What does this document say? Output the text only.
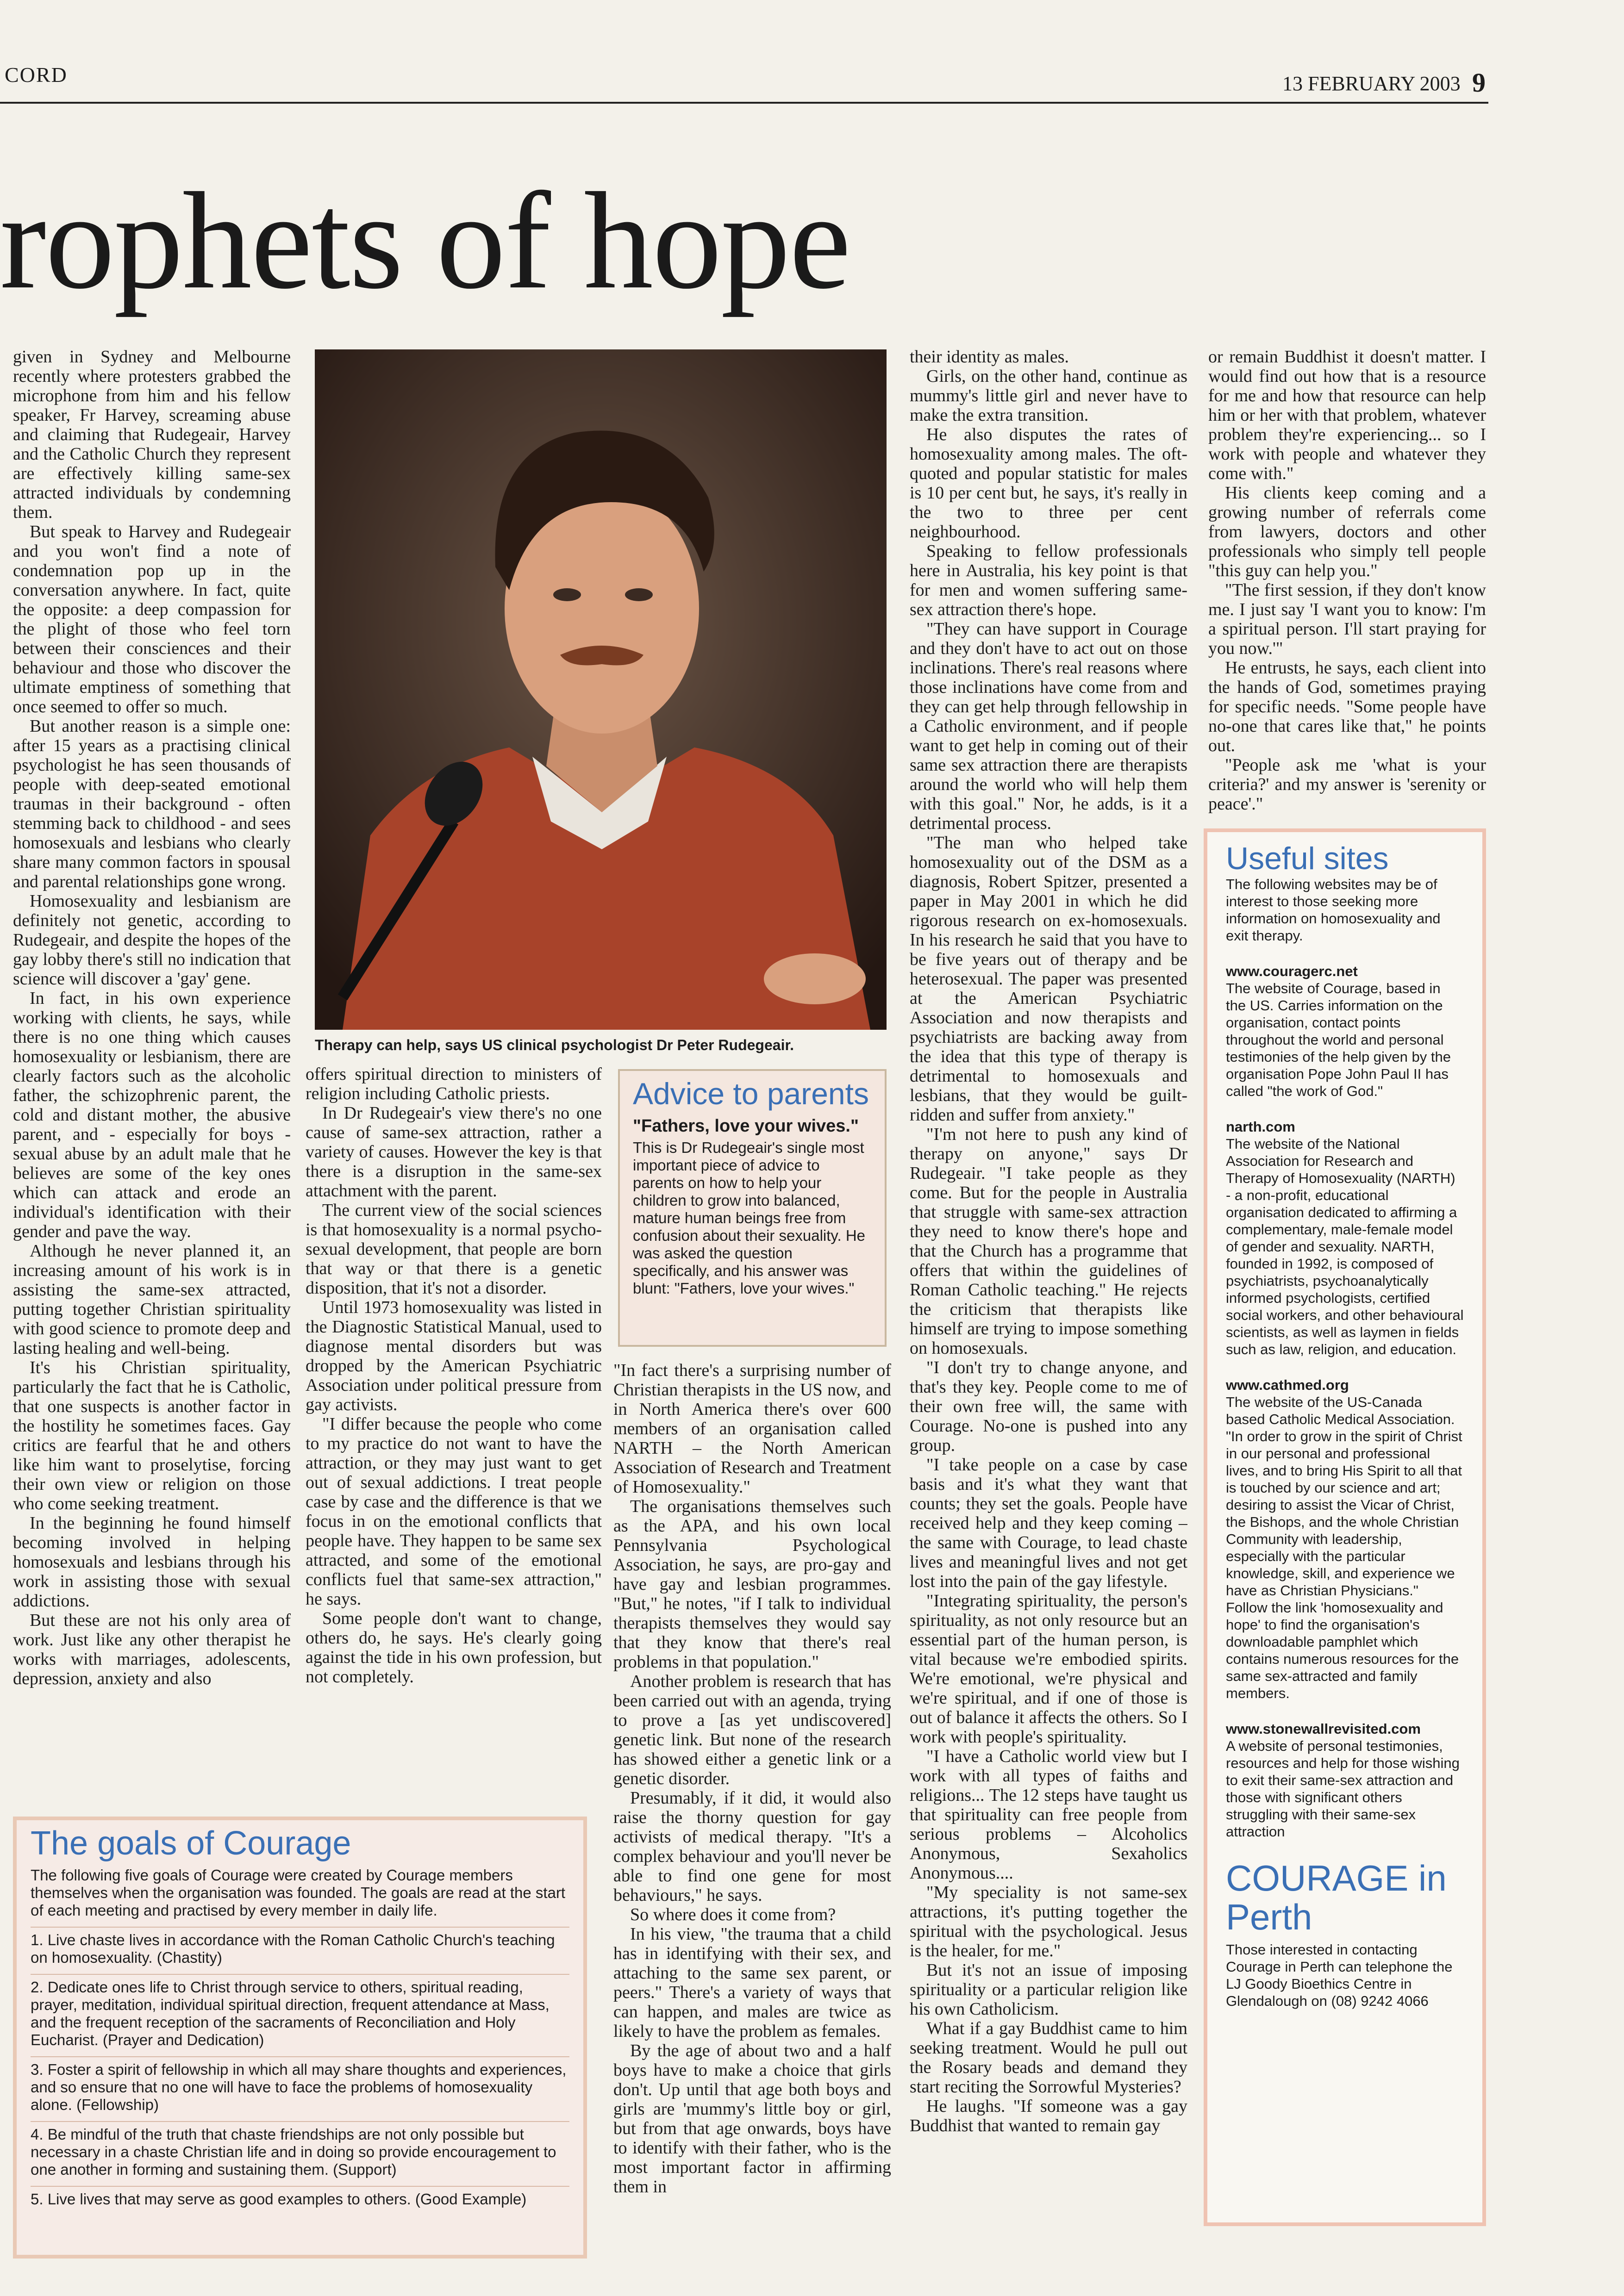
CORD	13 FEBRUARY 2003 9
rophets of hope

given in Sydney and Melbourne recently where protesters grabbed the microphone from him and his fellow speaker, Fr Harvey, screaming abuse and claiming that Rudegeair, Harvey and the Catholic Church they represent are effectively killing same-sex attracted individuals by condemning them.

But speak to Harvey and Rudegeair and you won't find a note of condemnation pop up in the conversation anywhere. In fact, quite the opposite: a deep compassion for the plight of those who feel torn between their consciences and their behaviour and those who discover the ultimate emptiness of something that once seemed to offer so much.

But another reason is a simple one: after 15 years as a practising clinical psychologist he has seen thousands of people with deep-seated emotional traumas in their background - often stemming back to childhood - and sees homosexuals and lesbians who clearly share many common factors in spousal and parental relationships gone wrong.

Homosexuality and lesbianism are definitely not genetic, according to Rudegeair, and despite the hopes of the gay lobby there's still no indication that science will discover a 'gay' gene.

In fact, in his own experience working with clients, he says, while there is no one thing which causes homosexuality or lesbianism, there are clearly factors such as the alcoholic father, the schizophrenic parent, the cold and distant mother, the abusive parent, and - especially for boys - sexual abuse by an adult male that he believes are some of the key ones which can attack and erode an individual's identification with their gender and pave the way.

Although he never planned it, an increasing amount of his work is in assisting the same-sex attracted, putting together Christian spirituality with good science to promote deep and lasting healing and well-being.

It's his Christian spirituality, particularly the fact that he is Catholic, that one suspects is another factor in the hostility he sometimes faces. Gay critics are fearful that he and others like him want to proselytise, forcing their own view or religion on those who come seeking treatment.

In the beginning he found himself becoming involved in helping homosexuals and lesbians through his work in assisting those with sexual addictions.

But these are not his only area of work. Just like any other therapist he works with marriages, adolescents, depression, anxiety and also

Therapy can help, says US clinical psychologist Dr Peter Rudegeair.

offers spiritual direction to ministers of religion including Catholic priests.

In Dr Rudegeair's view there's no one cause of same-sex attraction, rather a variety of causes. However the key is that there is a disruption in the same-sex attachment with the parent.

The current view of the social sciences is that homosexuality is a normal psycho-sexual development, that people are born that way or that there is a genetic disposition, that it's not a disorder.

Until 1973 homosexuality was listed in the Diagnostic Statistical Manual, used to diagnose mental disorders but was dropped by the American Psychiatric Association under political pressure from gay activists.

"I differ because the people who come to my practice do not want to have the attraction, or they may just want to get out of sexual addictions. I treat people case by case and the difference is that we focus in on the emotional conflicts that people have. They happen to be same sex attracted, and some of the emotional conflicts fuel that same-sex attraction," he says.

Some people don't want to change, others do, he says. He's clearly going against the tide in his own profession, but not completely.

Advice to parents
"Fathers, love your wives."
This is Dr Rudegeair's single most important piece of advice to parents on how to help your children to grow into balanced, mature human beings free from confusion about their sexuality. He was asked the question specifically, and his answer was blunt: "Fathers, love your wives."

"In fact there's a surprising number of Christian therapists in the US now, and in North America there's over 600 members of an organisation called NARTH – the North American Association of Research and Treatment of Homosexuality."

The organisations themselves such as the APA, and his own local Pennsylvania Psychological Association, he says, are pro-gay and have gay and lesbian programmes. "But," he notes, "if I talk to individual therapists themselves they would say that they know that there's real problems in that population."

Another problem is research that has been carried out with an agenda, trying to prove a [as yet undiscovered] genetic link. But none of the research has showed either a genetic link or a genetic disorder.

Presumably, if it did, it would also raise the thorny question for gay activists of medical therapy. "It's a complex behaviour and you'll never be able to find one gene for most behaviours," he says.

So where does it come from?

In his view, "the trauma that a child has in identifying with their sex, and attaching to the same sex parent, or peers." There's a variety of ways that can happen, and males are twice as likely to have the problem as females.

By the age of about two and a half boys have to make a choice that girls don't. Up until that age both boys and girls are 'mummy's little boy or girl, but from that age onwards, boys have to identify with their father, who is the most important factor in affirming them in

their identity as males.

Girls, on the other hand, continue as mummy's little girl and never have to make the extra transition.

He also disputes the rates of homosexuality among males. The oft-quoted and popular statistic for males is 10 per cent but, he says, it's really in the two to three per cent neighbourhood.

Speaking to fellow professionals here in Australia, his key point is that for men and women suffering same-sex attraction there's hope.

"They can have support in Courage and they don't have to act out on those inclinations. There's real reasons where those inclinations have come from and they can get help through fellowship in a Catholic environment, and if people want to get help in coming out of their same sex attraction there are therapists around the world who will help them with this goal." Nor, he adds, is it a detrimental process.

"The man who helped take homosexuality out of the DSM as a diagnosis, Robert Spitzer, presented a paper in May 2001 in which he did rigorous research on ex-homosexuals. In his research he said that you have to be five years out of therapy and be heterosexual. The paper was presented at the American Psychiatric Association and now therapists and psychiatrists are backing away from the idea that this type of therapy is detrimental to homosexuals and lesbians, that they would be guilt-ridden and suffer from anxiety."

"I'm not here to push any kind of therapy on anyone," says Dr Rudegeair. "I take people as they come. But for the people in Australia that struggle with same-sex attraction they need to know there's hope and that the Church has a programme that offers that within the guidelines of Roman Catholic teaching." He rejects the criticism that therapists like himself are trying to impose something on homosexuals.

"I don't try to change anyone, and that's they key. People come to me of their own free will, the same with Courage. No-one is pushed into any group.

"I take people on a case by case basis and it's what they want that counts; they set the goals. People have received help and they keep coming – the same with Courage, to lead chaste lives and meaningful lives and not get lost into the pain of the gay lifestyle.

"Integrating spirituality, the person's spirituality, as not only resource but an essential part of the human person, is vital because we're embodied spirits. We're emotional, we're physical and we're spiritual, and if one of those is out of balance it affects the others. So I work with people's spirituality.

"I have a Catholic world view but I work with all types of faiths and religions... The 12 steps have taught us that spirituality can free people from serious problems – Alcoholics Anonymous, Sexaholics Anonymous....

"My speciality is not same-sex attractions, it's putting together the spiritual with the psychological. Jesus is the healer, for me."

But it's not an issue of imposing spirituality or a particular religion like his own Catholicism.

What if a gay Buddhist came to him seeking treatment. Would he pull out the Rosary beads and demand they start reciting the Sorrowful Mysteries?

He laughs. "If someone was a gay Buddhist that wanted to remain gay

or remain Buddhist it doesn't matter. I would find out how that is a resource for me and how that resource can help him or her with that problem, whatever problem they're experiencing... so I work with people and whatever they come with."

His clients keep coming and a growing number of referrals come from lawyers, doctors and other professionals who simply tell people "this guy can help you."

"The first session, if they don't know me. I just say 'I want you to know: I'm a spiritual person. I'll start praying for you now.'"

He entrusts, he says, each client into the hands of God, sometimes praying for specific needs. "Some people have no-one that cares like that," he points out.

"People ask me 'what is your criteria?' and my answer is 'serenity or peace'."

The goals of Courage
The following five goals of Courage were created by Courage members themselves when the organisation was founded. The goals are read at the start of each meeting and practised by every member in daily life.
1. Live chaste lives in accordance with the Roman Catholic Church's teaching on homosexuality. (Chastity)
2. Dedicate ones life to Christ through service to others, spiritual reading, prayer, meditation, individual spiritual direction, frequent attendance at Mass, and the frequent reception of the sacraments of Reconciliation and Holy Eucharist. (Prayer and Dedication)
3. Foster a spirit of fellowship in which all may share thoughts and experiences, and so ensure that no one will have to face the problems of homosexuality alone. (Fellowship)
4. Be mindful of the truth that chaste friendships are not only possible but necessary in a chaste Christian life and in doing so provide encouragement to one another in forming and sustaining them. (Support)
5. Live lives that may serve as good examples to others. (Good Example)
Useful sites
The following websites may be of interest to those seeking more information on homosexuality and exit therapy.
www.couragerc.net
The website of Courage, based in the US. Carries information on the organisation, contact points throughout the world and personal testimonies of the help given by the organisation Pope John Paul II has called "the work of God."
narth.com
The website of the National Association for Research and Therapy of Homosexuality (NARTH) - a non-profit, educational organisation dedicated to affirming a complementary, male-female model of gender and sexuality. NARTH, founded in 1992, is composed of psychiatrists, psychoanalytically informed psychologists, certified social workers, and other behavioural scientists, as well as laymen in fields such as law, religion, and education.
www.cathmed.org
The website of the US-Canada based Catholic Medical Association. "In order to grow in the spirit of Christ in our personal and professional lives, and to bring His Spirit to all that is touched by our science and art; desiring to assist the Vicar of Christ, the Bishops, and the whole Christian Community with leadership, especially with the particular knowledge, skill, and experience we have as Christian Physicians." Follow the link 'homosexuality and hope' to find the organisation's downloadable pamphlet which contains numerous resources for the same sex-attracted and family members.
www.stonewallrevisited.com
A website of personal testimonies, resources and help for those wishing to exit their same-sex attraction and those with significant others struggling with their same-sex attraction
COURAGE in Perth
Those interested in contacting Courage in Perth can telephone the LJ Goody Bioethics Centre in Glendalough on (08) 9242 4066
